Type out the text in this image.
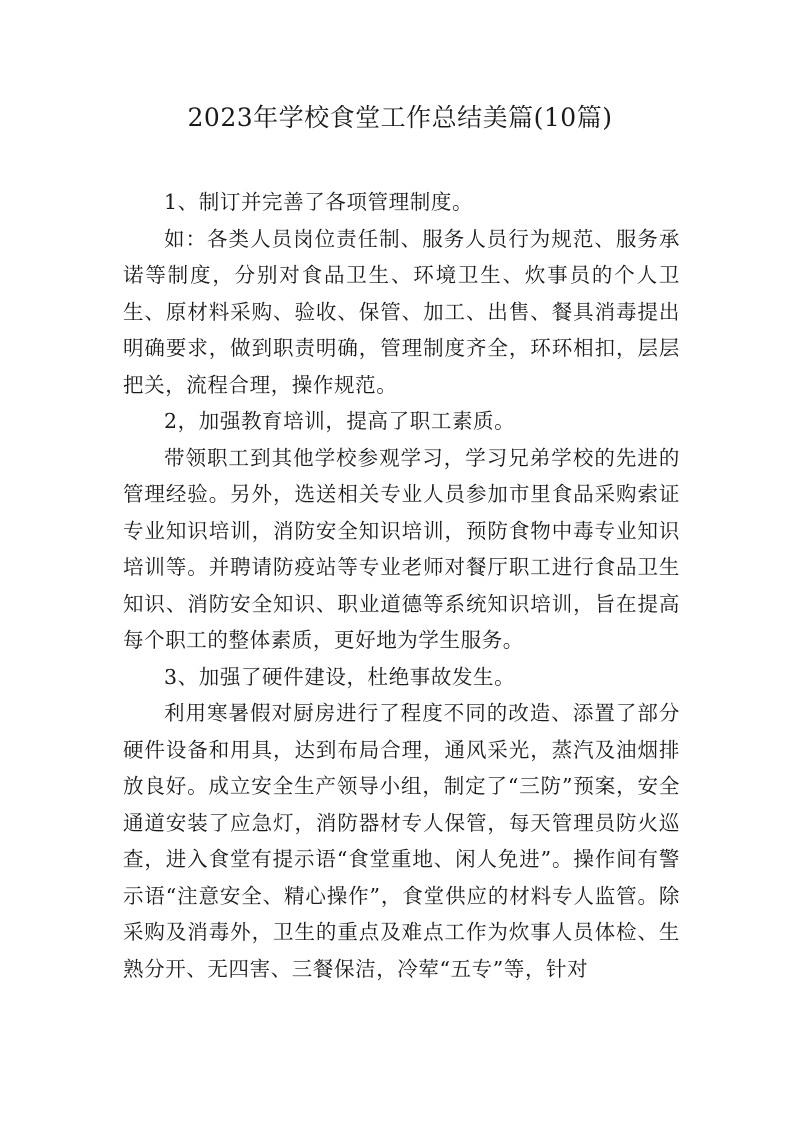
2023年学校食堂工作总结美篇(10篇)

1、制订并完善了各项管理制度。

如：各类人员岗位责任制、服务人员行为规范、服务承诺等制度，分别对食品卫生、环境卫生、炊事员的个人卫生、原材料采购、验收、保管、加工、出售、餐具消毒提出明确要求，做到职责明确，管理制度齐全，环环相扣，层层把关，流程合理，操作规范。

2，加强教育培训，提高了职工素质。

带领职工到其他学校参观学习，学习兄弟学校的先进的管理经验。另外，选送相关专业人员参加市里食品采购索证专业知识培训，消防安全知识培训，预防食物中毒专业知识培训等。并聘请防疫站等专业老师对餐厅职工进行食品卫生知识、消防安全知识、职业道德等系统知识培训，旨在提高每个职工的整体素质，更好地为学生服务。

3、加强了硬件建设，杜绝事故发生。

利用寒暑假对厨房进行了程度不同的改造、添置了部分硬件设备和用具，达到布局合理，通风采光，蒸汽及油烟排放良好。成立安全生产领导小组，制定了“三防”预案，安全通道安装了应急灯，消防器材专人保管，每天管理员防火巡查，进入食堂有提示语“食堂重地、闲人免进”。操作间有警示语“注意安全、精心操作”，食堂供应的材料专人监管。除采购及消毒外，卫生的重点及难点工作为炊事人员体检、生熟分开、无四害、三餐保洁，冷荤“五专”等，针对
